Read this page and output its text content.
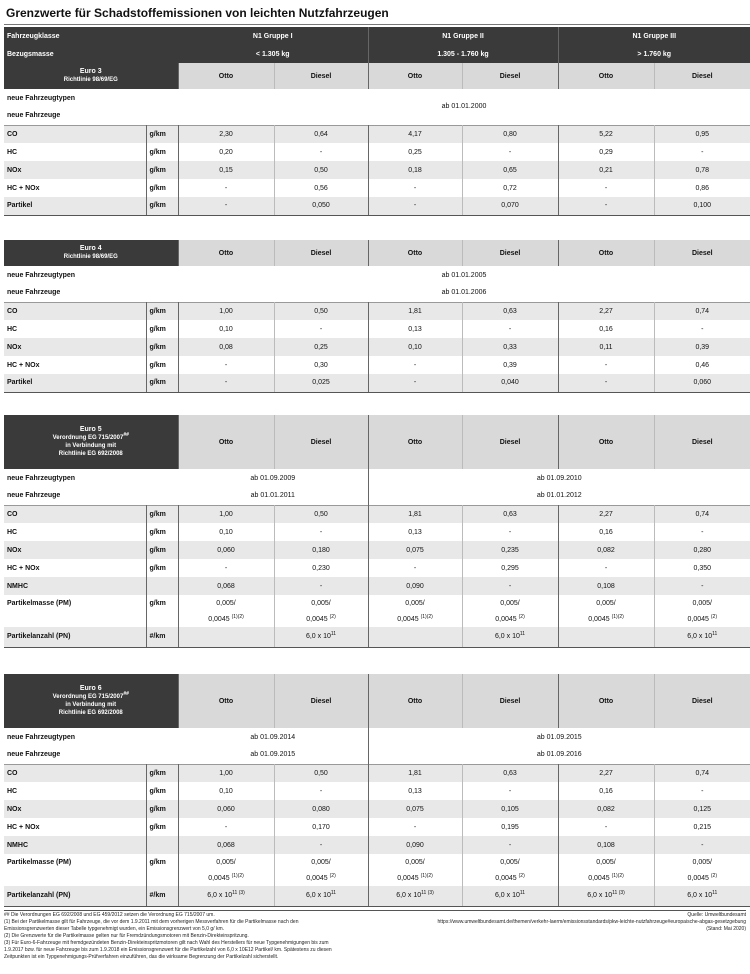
Grenzwerte für Schadstoffemissionen von leichten Nutzfahrzeugen
Fahrzeugklasse		N1 Gruppe I		N1 Gruppe II		N1 Gruppe III	
Bezugsmasse		< 1.305 kg		1.305 - 1.760 kg		> 1.760 kg	
Euro 3
Richtlinie 98/69/EG		Otto	Diesel	Otto	Diesel	Otto	Diesel
neue Fahrzeugtypen		ab 01.01.2000					
neue Fahrzeuge							
CO	g/km	2,30	0,64	4,17	0,80	5,22	0,95
HC	g/km	0,20	-	0,25	-	0,29	-
NOx	g/km	0,15	0,50	0,18	0,65	0,21	0,78
HC + NOx	g/km	-	0,56	-	0,72	-	0,86
Partikel	g/km	-	0,050	-	0,070	-	0,100
Euro 4
Richtlinie 98/69/EG		Otto	Diesel	Otto	Diesel	Otto	Diesel
neue Fahrzeugtypen		ab 01.01.2005					
neue Fahrzeuge		ab 01.01.2006					
CO	g/km	1,00	0,50	1,81	0,63	2,27	0,74
HC	g/km	0,10	-	0,13	-	0,16	-
NOx	g/km	0,08	0,25	0,10	0,33	0,11	0,39
HC + NOx	g/km	-	0,30	-	0,39	-	0,46
Partikel	g/km	-	0,025	-	0,040	-	0,060
Euro 5
Verordnung EG 715/2007##
in Verbindung mit
Richtlinie EG 692/2008		Otto	Diesel	Otto	Diesel	Otto	Diesel
neue Fahrzeugtypen		ab 01.09.2009		ab 01.09.2010			
neue Fahrzeuge		ab 01.01.2011		ab 01.01.2012			
CO	g/km	1,00	0,50	1,81	0,63	2,27	0,74
HC	g/km	0,10	-	0,13	-	0,16	-
NOx	g/km	0,060	0,180	0,075	0,235	0,082	0,280
HC + NOx	g/km	-	0,230	-	0,295	-	0,350
NMHC		0,068	-	0,090	-	0,108	-
Partikelmasse (PM)	g/km	0,005/	0,005/	0,005/	0,005/	0,005/	0,005/
		0,0045 $^{(1)(2)}$	0,0045 $^{(2)}$	0,0045 $^{(1)(2)}$	0,0045 $^{(2)}$	0,0045 $^{(1)(2)}$	0,0045 $^{(2)}$
Partikelanzahl (PN)	#/km		6,0 x $10^{11}$		6,0 x $10^{11}$		6,0 x $10^{11}$
Euro 6
Verordnung EG 715/2007##
in Verbindung mit
Richtlinie EG 692/2008		Otto	Diesel	Otto	Diesel	Otto	Diesel
neue Fahrzeugtypen		ab 01.09.2014		ab 01.09.2015			
neue Fahrzeuge		ab 01.09.2015		ab 01.09.2016			
CO	g/km	1,00	0,50	1,81	0,63	2,27	0,74
HC	g/km	0,10	-	0,13	-	0,16	-
NOx	g/km	0,060	0,080	0,075	0,105	0,082	0,125
HC + NOx	g/km	-	0,170	-	0,195	-	0,215
NMHC		0,068	-	0,090	-	0,108	-
Partikelmasse (PM)	g/km	0,005/	0,005/	0,005/	0,005/	0,005/	0,005/
		0,0045 $^{(1)(2)}$	0,0045 $^{(2)}$	0,0045 $^{(1)(2)}$	0,0045 $^{(2)}$	0,0045 $^{(1)(2)}$	0,0045 $^{(2)}$
Partikelanzahl (PN)	#/km	6,0 x $10^{11 (3)}$	6,0 x $10^{11}$	6,0 x $10^{11 (3)}$	6,0 x $10^{11}$	6,0 x $10^{11 (3)}$	6,0 x $10^{11}$
## Die Verordnungen EG 692/2008 und EG 459/2012 setzen die Verordnung EG 715/2007 um.
(1) Bei der Partikelmasse gilt für Fahrzeuge, die vor dem 1.9.2011 mit dem vorherigen Messverfahren für die Partikelmasse nach den
Emissionsgrenzwerten dieser Tabelle typgenehmigt wurden, ein Emissionsgrenzwert von 5,0 g/ km.
(2) Die Grenzwerte für die Partikelmasse gelten nur für Fremdzündungsmotoren mit Benzin-Direkteinspritzung.
(3) Für Euro-6-Fahrzeuge mit fremdgezündeten Benzin-Direkteinspritzmotoren gilt nach Wahl des Herstellers für neue Typgenehmigungen bis zum
1.9.2017 bzw. für neue Fahrzeuge bis zum 1.9.2018 ein Emissionsgrenzwert für die Partikelzahl von 6,0 x 10E12 Partikel/ km. Spätestens zu diesen
Zeitpunkten ist ein Typgenehmigungs-Prüfverfahren einzuführen, das die wirksame Begrenzung der Partikelzahl sicherstellt.
Quelle: Umweltbundesamt
https://www.umweltbundesamt.de/themen/verkehr-laerm/emissionsstandards/pkw-leichte-nutzfahrzeuge#europaische-abgas-gesetzgebung
(Stand: Mai 2020)
